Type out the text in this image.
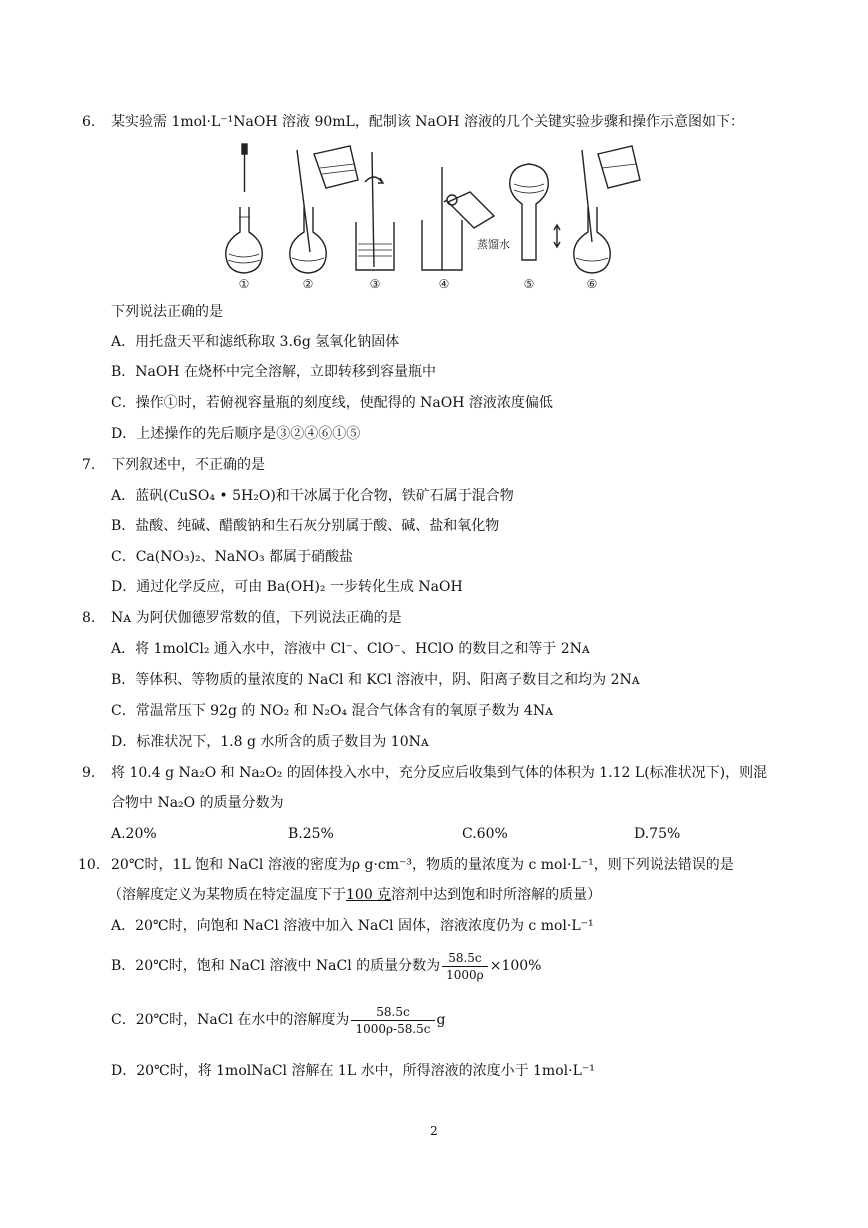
6. 某实验需 1mol·L⁻¹NaOH 溶液 90mL，配制该 NaOH 溶液的几个关键实验步骤和操作示意图如下：
蒸馏水
①	②	③	④	⑤	⑥
下列说法正确的是
A．用托盘天平和滤纸称取 3.6g 氢氧化钠固体
B．NaOH 在烧杯中完全溶解，立即转移到容量瓶中
C．操作①时，若俯视容量瓶的刻度线，使配得的 NaOH 溶液浓度偏低
D．上述操作的先后顺序是③②④⑥①⑤
7. 下列叙述中，不正确的是
A．蓝矾(CuSO₄ • 5H₂O)和干冰属于化合物，铁矿石属于混合物
B．盐酸、纯碱、醋酸钠和生石灰分别属于酸、碱、盐和氧化物
C．Ca(NO₃)₂、NaNO₃ 都属于硝酸盐
D．通过化学反应，可由 Ba(OH)₂ 一步转化生成 NaOH
8. Nᴀ 为阿伏伽德罗常数的值，下列说法正确的是
A．将 1molCl₂ 通入水中，溶液中 Cl⁻、ClO⁻、HClO 的数目之和等于 2Nᴀ
B．等体积、等物质的量浓度的 NaCl 和 KCl 溶液中，阴、阳离子数目之和均为 2Nᴀ
C．常温常压下 92g 的 NO₂ 和 N₂O₄ 混合气体含有的氧原子数为 4Nᴀ
D．标准状况下，1.8 g 水所含的质子数目为 10Nᴀ
9. 将 10.4 g Na₂O 和 Na₂O₂ 的固体投入水中，充分反应后收集到气体的体积为 1.12 L(标准状况下)，则混
合物中 Na₂O 的质量分数为
A.20%	B.25%	C.60%	D.75%
10. 20℃时，1L 饱和 NaCl 溶液的密度为ρ g·cm⁻³，物质的量浓度为 c mol·L⁻¹，则下列说法错误的是
（溶解度定义为某物质在特定温度下于100 克溶剂中达到饱和时所溶解的质量）
A．20℃时，向饱和 NaCl 溶液中加入 NaCl 固体，溶液浓度仍为 c mol·L⁻¹
B．20℃时，饱和 NaCl 溶液中 NaCl 的质量分数为 $\frac{58.5c}{1000\rho} \times 100\%$
C．20℃时，NaCl 在水中的溶解度为 $\frac{58.5c}{1000\rho-58.5c}$ g
D．20℃时，将 1molNaCl 溶解在 1L 水中，所得溶液的浓度小于 1mol·L⁻¹
2
